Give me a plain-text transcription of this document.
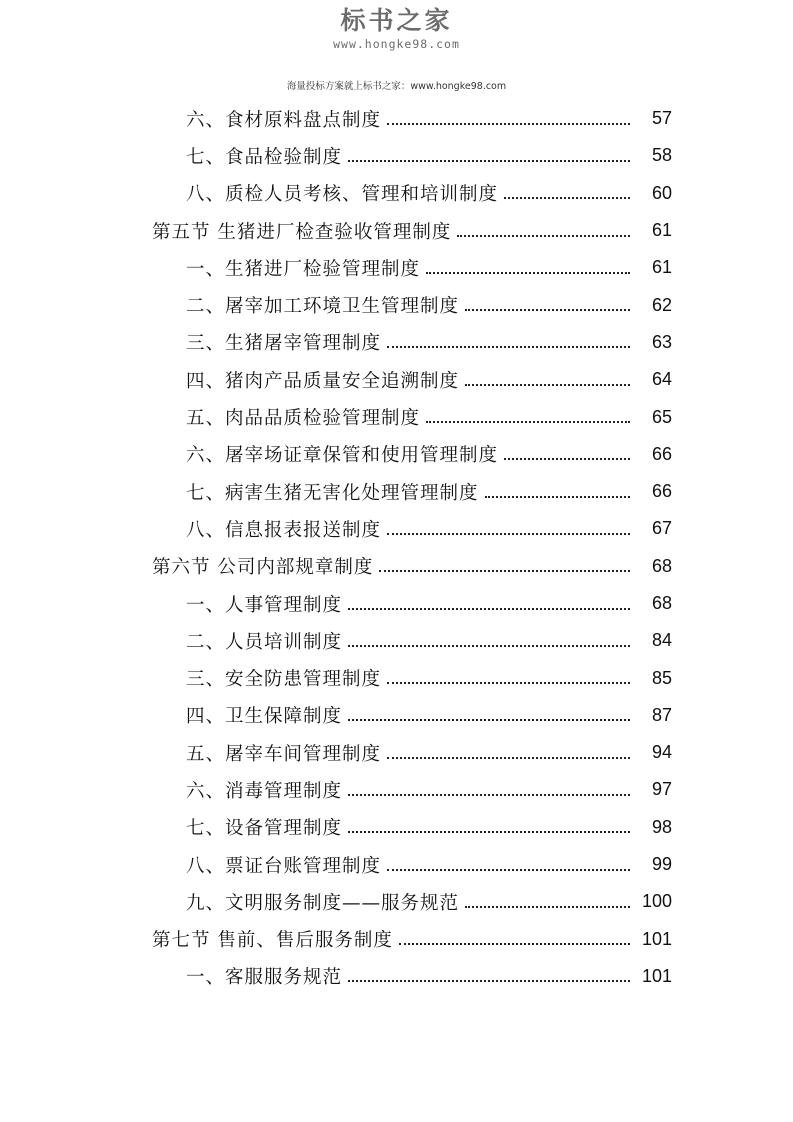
标书之家
www.hongke98.com
海量投标方案就上标书之家：www.hongke98.com
六、食材原料盘点制度	57
七、食品检验制度	58
八、质检人员考核、管理和培训制度	60
第五节 生猪进厂检查验收管理制度	61
一、生猪进厂检验管理制度	61
二、屠宰加工环境卫生管理制度	62
三、生猪屠宰管理制度	63
四、猪肉产品质量安全追溯制度	64
五、肉品品质检验管理制度	65
六、屠宰场证章保管和使用管理制度	66
七、病害生猪无害化处理管理制度	66
八、信息报表报送制度	67
第六节 公司内部规章制度	68
一、人事管理制度	68
二、人员培训制度	84
三、安全防患管理制度	85
四、卫生保障制度	87
五、屠宰车间管理制度	94
六、消毒管理制度	97
七、设备管理制度	98
八、票证台账管理制度	99
九、文明服务制度——服务规范	100
第七节 售前、售后服务制度	101
一、客服服务规范	101
